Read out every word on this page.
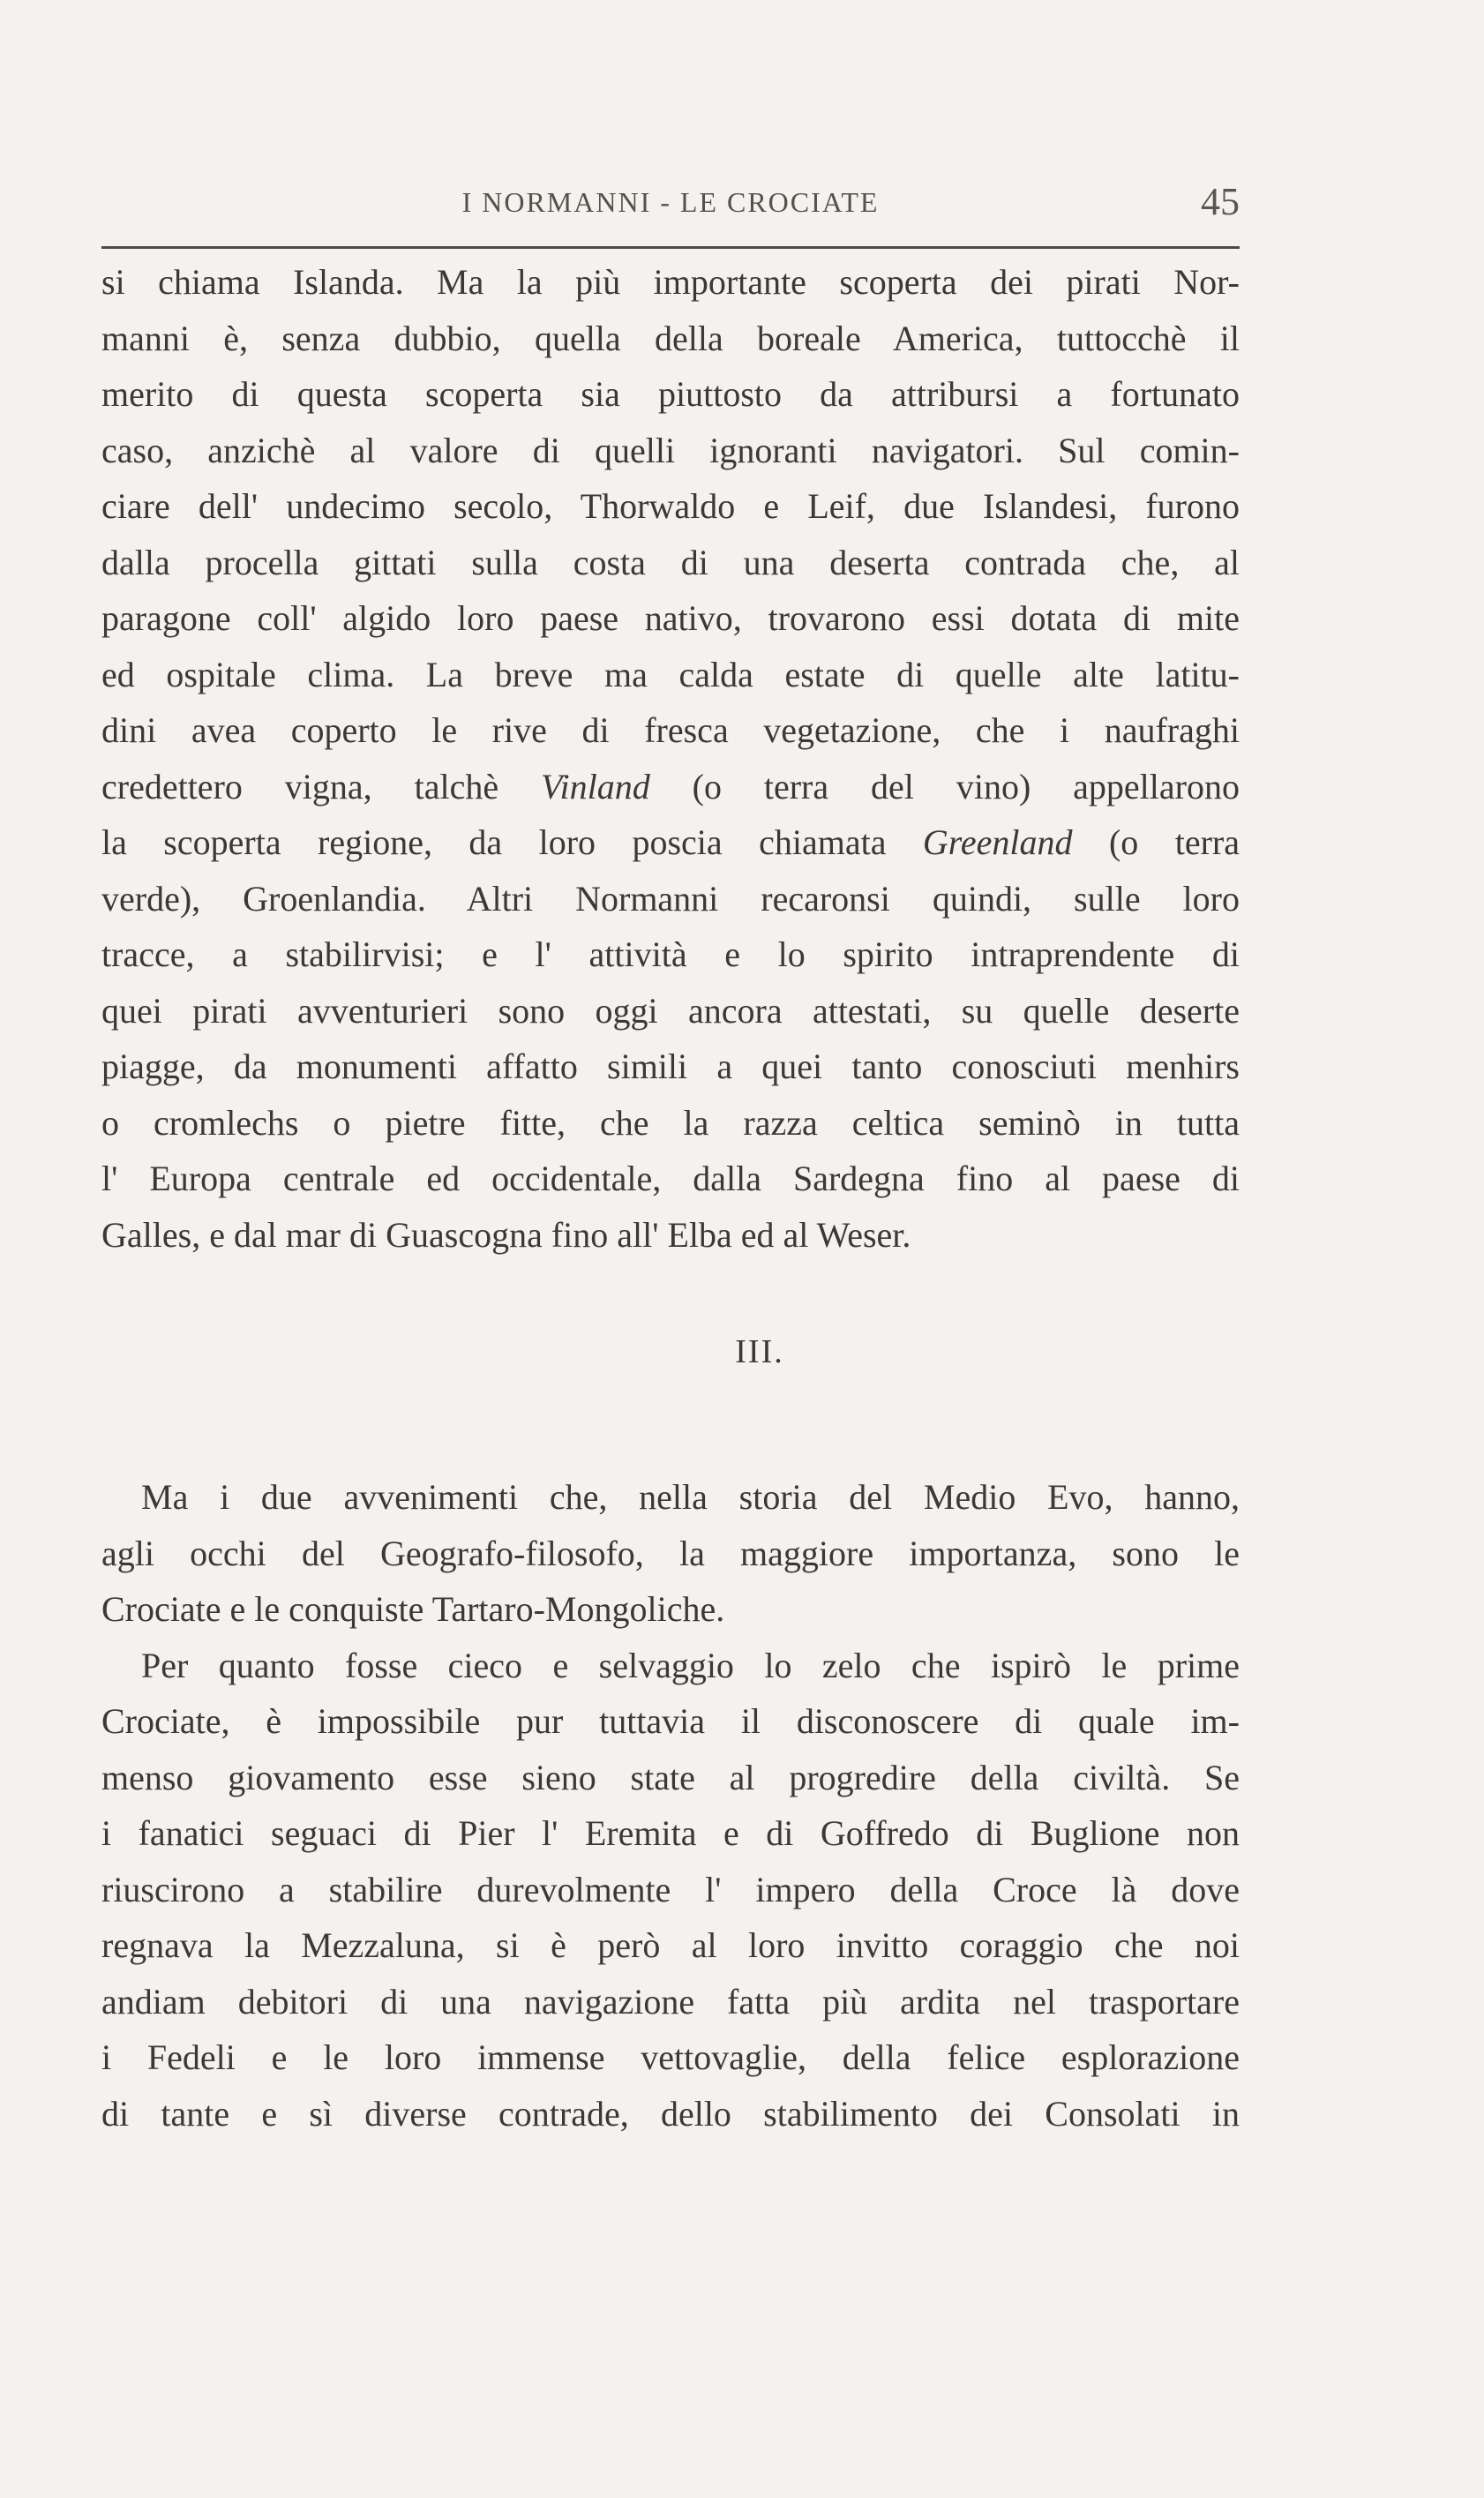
I NORMANNI - LE CROCIATE	45
si chiama Islanda. Ma la più importante scoperta dei pirati Nor-
manni è, senza dubbio, quella della boreale America, tuttocchè il
merito di questa scoperta sia piuttosto da attribursi a fortunato
caso, anzichè al valore di quelli ignoranti navigatori. Sul comin-
ciare dell' undecimo secolo, Thorwaldo e Leif, due Islandesi, furono
dalla procella gittati sulla costa di una deserta contrada che, al
paragone coll' algido loro paese nativo, trovarono essi dotata di mite
ed ospitale clima. La breve ma calda estate di quelle alte latitu-
dini avea coperto le rive di fresca vegetazione, che i naufraghi
credettero vigna, talchè Vinland (o terra del vino) appellarono
la scoperta regione, da loro poscia chiamata Greenland (o terra
verde), Groenlandia. Altri Normanni recaronsi quindi, sulle loro
tracce, a stabilirvisi; e l' attività e lo spirito intraprendente di
quei pirati avventurieri sono oggi ancora attestati, su quelle deserte
piagge, da monumenti affatto simili a quei tanto conosciuti menhirs
o cromlechs o pietre fitte, che la razza celtica seminò in tutta
l' Europa centrale ed occidentale, dalla Sardegna fino al paese di
Galles, e dal mar di Guascogna fino all' Elba ed al Weser.
III.
Ma i due avvenimenti che, nella storia del Medio Evo, hanno,
agli occhi del Geografo-filosofo, la maggiore importanza, sono le
Crociate e le conquiste Tartaro-Mongoliche.
Per quanto fosse cieco e selvaggio lo zelo che ispirò le prime
Crociate, è impossibile pur tuttavia il disconoscere di quale im-
menso giovamento esse sieno state al progredire della civiltà. Se
i fanatici seguaci di Pier l' Eremita e di Goffredo di Buglione non
riuscirono a stabilire durevolmente l' impero della Croce là dove
regnava la Mezzaluna, si è però al loro invitto coraggio che noi
andiam debitori di una navigazione fatta più ardita nel trasportare
i Fedeli e le loro immense vettovaglie, della felice esplorazione
di tante e sì diverse contrade, dello stabilimento dei Consolati in
